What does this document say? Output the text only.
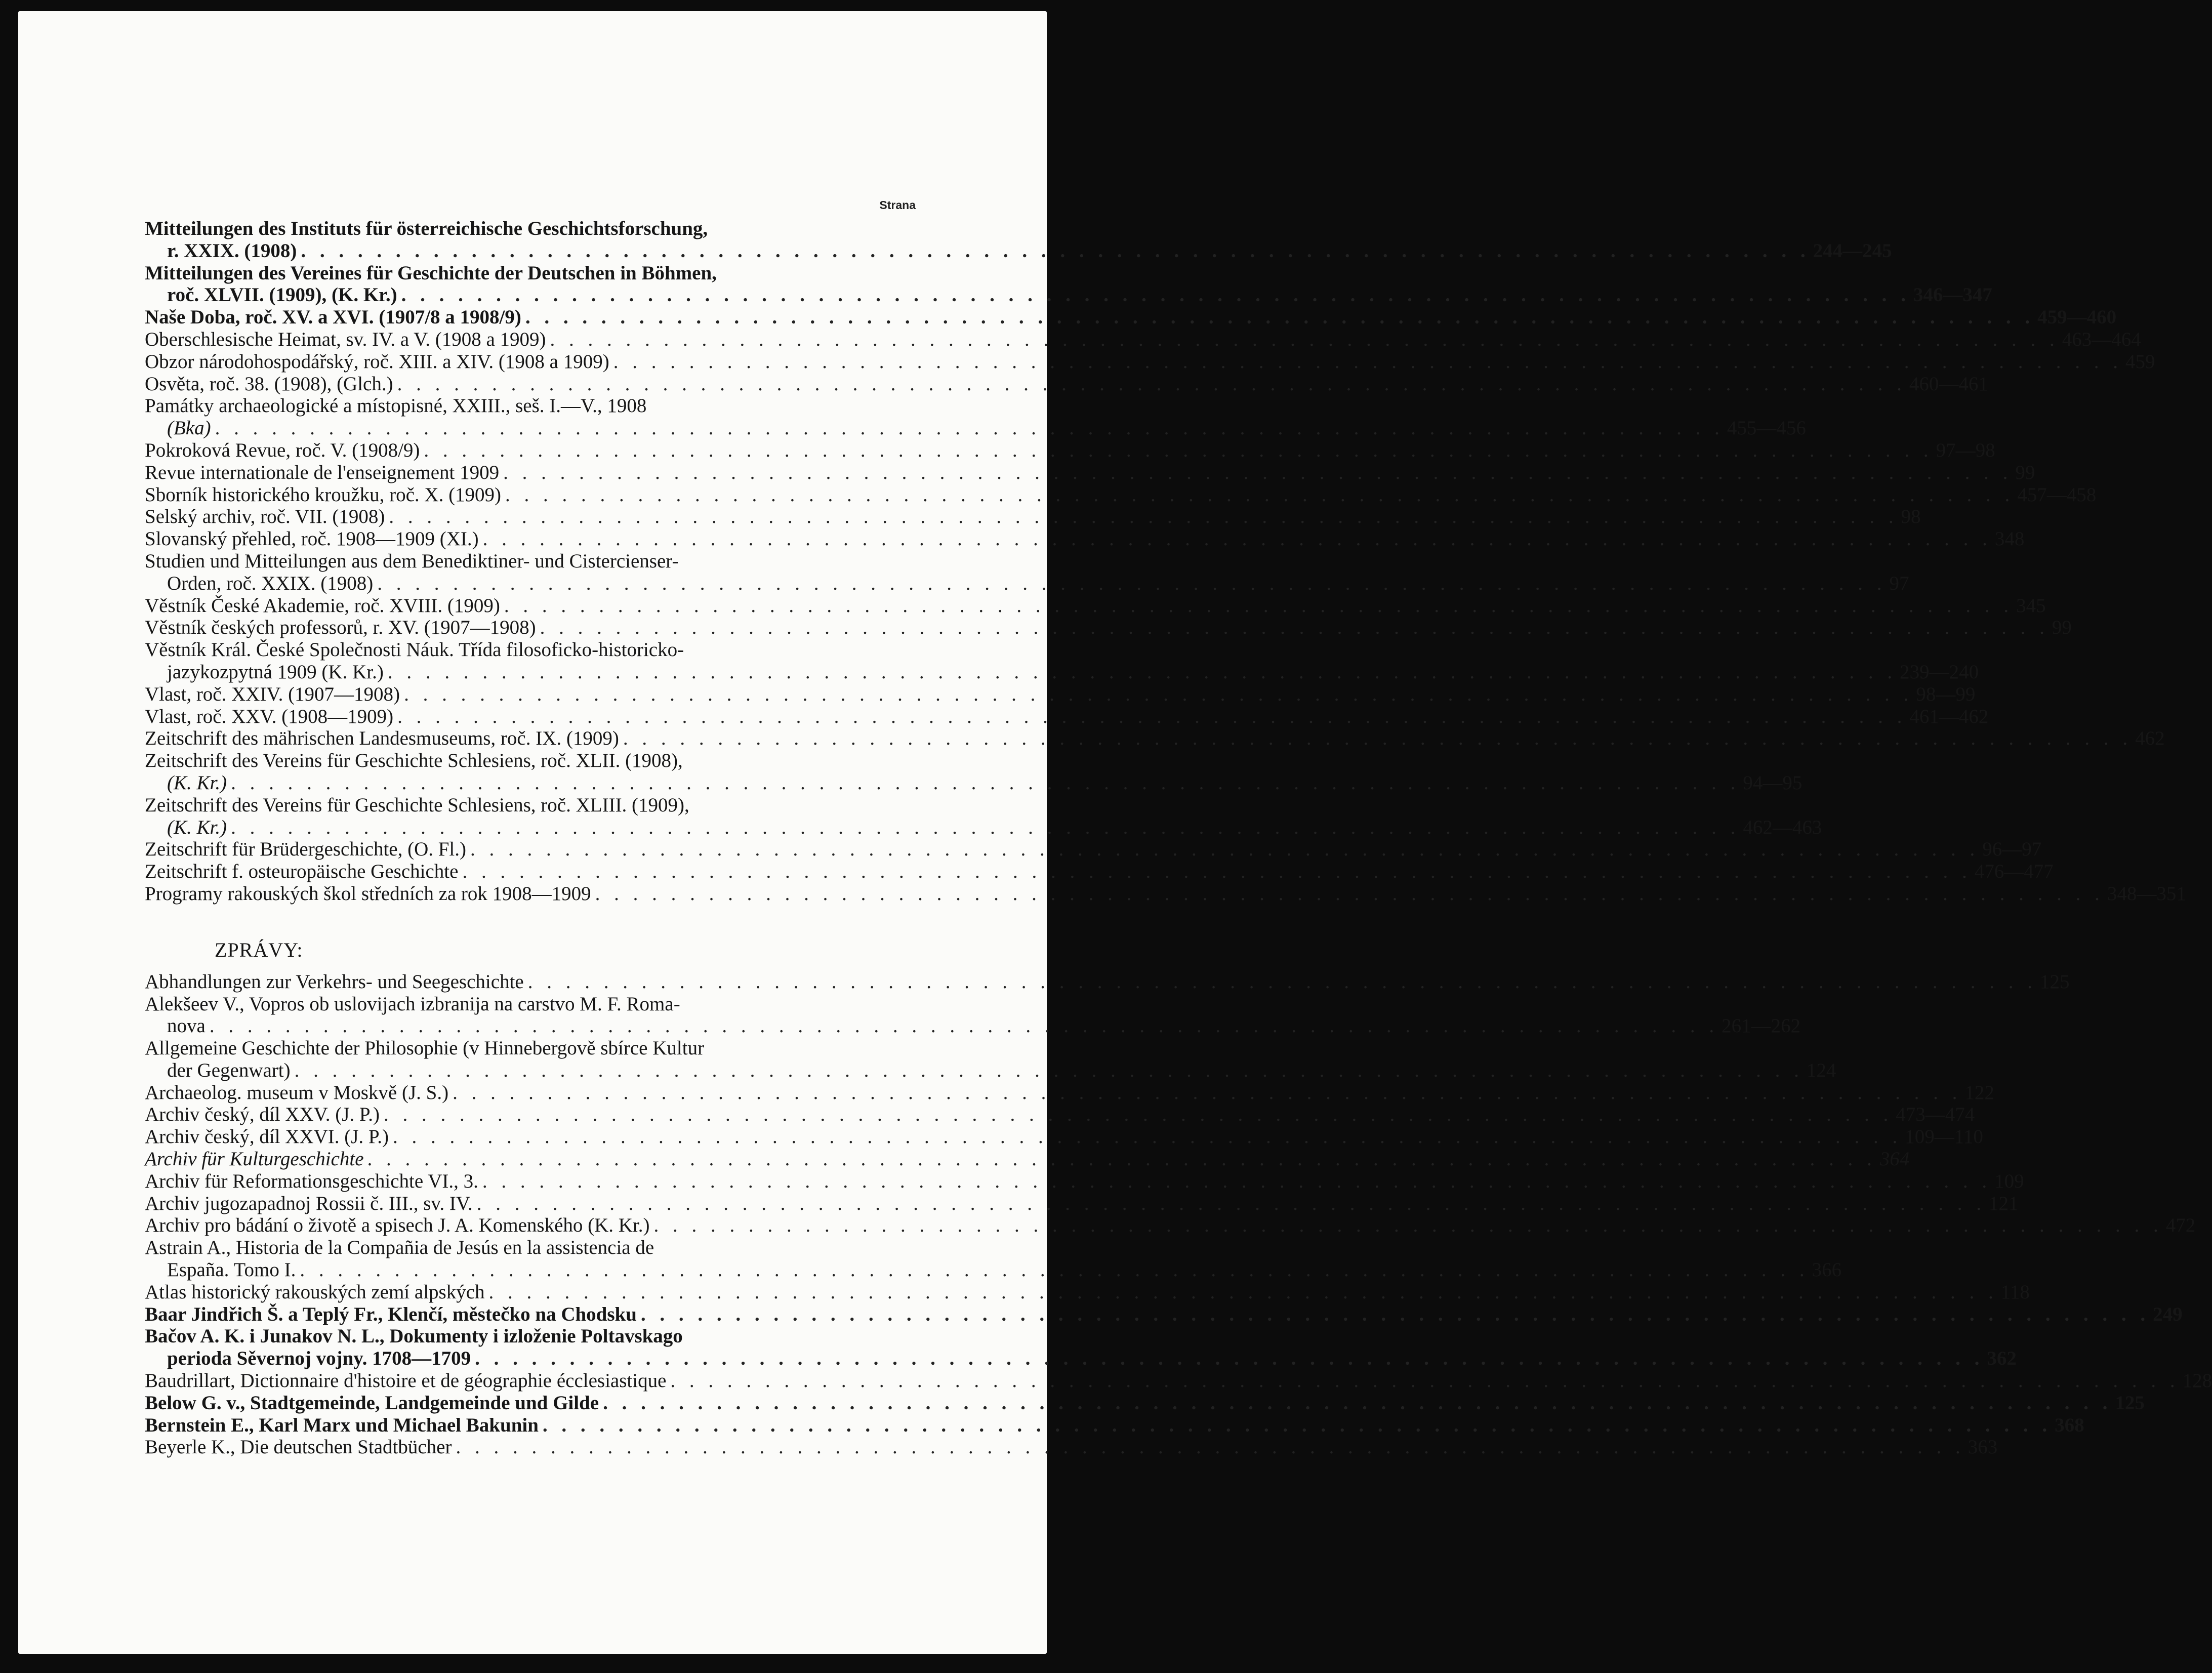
Strana
Mitteilungen des Instituts für österreichische Geschichtsforschung,
r. XXIX. (1908) . . . . . . . . . . . . . . . . . . . . . . . . . . . . . . . . . . . . . . . . . . . . . . . . . . . . . . . . . . . . . . . . . . . . . . . . . . . . . . . . 244—245
Mitteilungen des Vereines für Geschichte der Deutschen in Böhmen,
roč. XLVII. (1909), (K. Kr.) . . . . . . . . . . . . . . . . . . . . . . . . . . . . . . . . . . . . . . . . . . . . . . . . . . . . . . . . . . . . . . . . . . . . . . . . . . . . . . . . 346—347
Naše Doba, roč. XV. a XVI. (1907/8 a 1908/9) . . . . . . . . . . . . . . . . . . . . . . . . . . . . . . . . . . . . . . . . . . . . . . . . . . . . . . . . . . . . . . . . . . . . . . . . . . . . . . . . 459—460
Oberschlesische Heimat, sv. IV. a V. (1908 a 1909) . . . . . . . . . . . . . . . . . . . . . . . . . . . . . . . . . . . . . . . . . . . . . . . . . . . . . . . . . . . . . . . . . . . . . . . . . . . . . . . . 463—464
Obzor národohospodářský, roč. XIII. a XIV. (1908 a 1909) . . . . . . . . . . . . . . . . . . . . . . . . . . . . . . . . . . . . . . . . . . . . . . . . . . . . . . . . . . . . . . . . . . . . . . . . . . . . . . . . 459
Osvěta, roč. 38. (1908), (Glch.) . . . . . . . . . . . . . . . . . . . . . . . . . . . . . . . . . . . . . . . . . . . . . . . . . . . . . . . . . . . . . . . . . . . . . . . . . . . . . . . . 460—461
Památky archaeologické a místopisné, XXIII., seš. I.—V., 1908
(Bka) . . . . . . . . . . . . . . . . . . . . . . . . . . . . . . . . . . . . . . . . . . . . . . . . . . . . . . . . . . . . . . . . . . . . . . . . . . . . . . . . 455—456
Pokroková Revue, roč. V. (1908/9) . . . . . . . . . . . . . . . . . . . . . . . . . . . . . . . . . . . . . . . . . . . . . . . . . . . . . . . . . . . . . . . . . . . . . . . . . . . . . . . . 97—98
Revue internationale de l'enseignement 1909 . . . . . . . . . . . . . . . . . . . . . . . . . . . . . . . . . . . . . . . . . . . . . . . . . . . . . . . . . . . . . . . . . . . . . . . . . . . . . . . . 99
Sborník historického kroužku, roč. X. (1909) . . . . . . . . . . . . . . . . . . . . . . . . . . . . . . . . . . . . . . . . . . . . . . . . . . . . . . . . . . . . . . . . . . . . . . . . . . . . . . . . 457—458
Selský archiv, roč. VII. (1908) . . . . . . . . . . . . . . . . . . . . . . . . . . . . . . . . . . . . . . . . . . . . . . . . . . . . . . . . . . . . . . . . . . . . . . . . . . . . . . . . 98
Slovanský přehled, roč. 1908—1909 (XI.) . . . . . . . . . . . . . . . . . . . . . . . . . . . . . . . . . . . . . . . . . . . . . . . . . . . . . . . . . . . . . . . . . . . . . . . . . . . . . . . . 348
Studien und Mitteilungen aus dem Benediktiner- und Cistercienser-
Orden, roč. XXIX. (1908) . . . . . . . . . . . . . . . . . . . . . . . . . . . . . . . . . . . . . . . . . . . . . . . . . . . . . . . . . . . . . . . . . . . . . . . . . . . . . . . . 97
Věstník České Akademie, roč. XVIII. (1909) . . . . . . . . . . . . . . . . . . . . . . . . . . . . . . . . . . . . . . . . . . . . . . . . . . . . . . . . . . . . . . . . . . . . . . . . . . . . . . . . 345
Věstník českých professorů, r. XV. (1907—1908) . . . . . . . . . . . . . . . . . . . . . . . . . . . . . . . . . . . . . . . . . . . . . . . . . . . . . . . . . . . . . . . . . . . . . . . . . . . . . . . . 99
Věstník Král. České Společnosti Náuk. Třída filosoficko-historicko-
jazykozpytná 1909 (K. Kr.) . . . . . . . . . . . . . . . . . . . . . . . . . . . . . . . . . . . . . . . . . . . . . . . . . . . . . . . . . . . . . . . . . . . . . . . . . . . . . . . . 239—240
Vlast, roč. XXIV. (1907—1908) . . . . . . . . . . . . . . . . . . . . . . . . . . . . . . . . . . . . . . . . . . . . . . . . . . . . . . . . . . . . . . . . . . . . . . . . . . . . . . . . 98—99
Vlast, roč. XXV. (1908—1909) . . . . . . . . . . . . . . . . . . . . . . . . . . . . . . . . . . . . . . . . . . . . . . . . . . . . . . . . . . . . . . . . . . . . . . . . . . . . . . . . 461—462
Zeitschrift des mährischen Landesmuseums, roč. IX. (1909) . . . . . . . . . . . . . . . . . . . . . . . . . . . . . . . . . . . . . . . . . . . . . . . . . . . . . . . . . . . . . . . . . . . . . . . . . . . . . . . . 462
Zeitschrift des Vereins für Geschichte Schlesiens, roč. XLII. (1908),
(K. Kr.) . . . . . . . . . . . . . . . . . . . . . . . . . . . . . . . . . . . . . . . . . . . . . . . . . . . . . . . . . . . . . . . . . . . . . . . . . . . . . . . . 94—95
Zeitschrift des Vereins für Geschichte Schlesiens, roč. XLIII. (1909),
(K. Kr.) . . . . . . . . . . . . . . . . . . . . . . . . . . . . . . . . . . . . . . . . . . . . . . . . . . . . . . . . . . . . . . . . . . . . . . . . . . . . . . . . 462—463
Zeitschrift für Brüdergeschichte, (O. Fl.) . . . . . . . . . . . . . . . . . . . . . . . . . . . . . . . . . . . . . . . . . . . . . . . . . . . . . . . . . . . . . . . . . . . . . . . . . . . . . . . . 96—97
Zeitschrift f. osteuropäische Geschichte . . . . . . . . . . . . . . . . . . . . . . . . . . . . . . . . . . . . . . . . . . . . . . . . . . . . . . . . . . . . . . . . . . . . . . . . . . . . . . . . 476—477
Programy rakouských škol středních za rok 1908—1909 . . . . . . . . . . . . . . . . . . . . . . . . . . . . . . . . . . . . . . . . . . . . . . . . . . . . . . . . . . . . . . . . . . . . . . . . . . . . . . . . 348—351
ZPRÁVY:
Abhandlungen zur Verkehrs- und Seegeschichte . . . . . . . . . . . . . . . . . . . . . . . . . . . . . . . . . . . . . . . . . . . . . . . . . . . . . . . . . . . . . . . . . . . . . . . . . . . . . . . . 125
Alekšeev V., Vopros ob uslovijach izbranija na carstvo M. F. Roma-
nova . . . . . . . . . . . . . . . . . . . . . . . . . . . . . . . . . . . . . . . . . . . . . . . . . . . . . . . . . . . . . . . . . . . . . . . . . . . . . . . . 261—262
Allgemeine Geschichte der Philosophie (v Hinnebergově sbírce Kultur
der Gegenwart) . . . . . . . . . . . . . . . . . . . . . . . . . . . . . . . . . . . . . . . . . . . . . . . . . . . . . . . . . . . . . . . . . . . . . . . . . . . . . . . . 124
Archaeolog. museum v Moskvě (J. S.) . . . . . . . . . . . . . . . . . . . . . . . . . . . . . . . . . . . . . . . . . . . . . . . . . . . . . . . . . . . . . . . . . . . . . . . . . . . . . . . . 122
Archiv český, díl XXV. (J. P.) . . . . . . . . . . . . . . . . . . . . . . . . . . . . . . . . . . . . . . . . . . . . . . . . . . . . . . . . . . . . . . . . . . . . . . . . . . . . . . . . 473—474
Archiv český, díl XXVI. (J. P.) . . . . . . . . . . . . . . . . . . . . . . . . . . . . . . . . . . . . . . . . . . . . . . . . . . . . . . . . . . . . . . . . . . . . . . . . . . . . . . . . 109—110
Archiv für Kulturgeschichte . . . . . . . . . . . . . . . . . . . . . . . . . . . . . . . . . . . . . . . . . . . . . . . . . . . . . . . . . . . . . . . . . . . . . . . . . . . . . . . . 364
Archiv für Reformationsgeschichte VI., 3. . . . . . . . . . . . . . . . . . . . . . . . . . . . . . . . . . . . . . . . . . . . . . . . . . . . . . . . . . . . . . . . . . . . . . . . . . . . . . . . . 109
Archiv jugozapadnoj Rossii č. III., sv. IV. . . . . . . . . . . . . . . . . . . . . . . . . . . . . . . . . . . . . . . . . . . . . . . . . . . . . . . . . . . . . . . . . . . . . . . . . . . . . . . . . 121
Archiv pro bádání o životě a spisech J. A. Komenského (K. Kr.) . . . . . . . . . . . . . . . . . . . . . . . . . . . . . . . . . . . . . . . . . . . . . . . . . . . . . . . . . . . . . . . . . . . . . . . . . . . . . . . . 472
Astrain A., Historia de la Compañia de Jesús en la assistencia de
España. Tomo I. . . . . . . . . . . . . . . . . . . . . . . . . . . . . . . . . . . . . . . . . . . . . . . . . . . . . . . . . . . . . . . . . . . . . . . . . . . . . . . . . 366
Atlas historický rakouských zemí alpských . . . . . . . . . . . . . . . . . . . . . . . . . . . . . . . . . . . . . . . . . . . . . . . . . . . . . . . . . . . . . . . . . . . . . . . . . . . . . . . . 118
Baar Jindřich Š. a Teplý Fr., Klenčí, městečko na Chodsku . . . . . . . . . . . . . . . . . . . . . . . . . . . . . . . . . . . . . . . . . . . . . . . . . . . . . . . . . . . . . . . . . . . . . . . . . . . . . . . . 249
Bačov A. K. i Junakov N. L., Dokumenty i izloženie Poltavskago
perioda Sěvernoj vojny. 1708—1709 . . . . . . . . . . . . . . . . . . . . . . . . . . . . . . . . . . . . . . . . . . . . . . . . . . . . . . . . . . . . . . . . . . . . . . . . . . . . . . . . 362
Baudrillart, Dictionnaire d'histoire et de géographie écclesiastique . . . . . . . . . . . . . . . . . . . . . . . . . . . . . . . . . . . . . . . . . . . . . . . . . . . . . . . . . . . . . . . . . . . . . . . . . . . . . . . . 128
Below G. v., Stadtgemeinde, Landgemeinde und Gilde . . . . . . . . . . . . . . . . . . . . . . . . . . . . . . . . . . . . . . . . . . . . . . . . . . . . . . . . . . . . . . . . . . . . . . . . . . . . . . . . 125
Bernstein E., Karl Marx und Michael Bakunin . . . . . . . . . . . . . . . . . . . . . . . . . . . . . . . . . . . . . . . . . . . . . . . . . . . . . . . . . . . . . . . . . . . . . . . . . . . . . . . . 368
Beyerle K., Die deutschen Stadtbücher . . . . . . . . . . . . . . . . . . . . . . . . . . . . . . . . . . . . . . . . . . . . . . . . . . . . . . . . . . . . . . . . . . . . . . . . . . . . . . . . 363
